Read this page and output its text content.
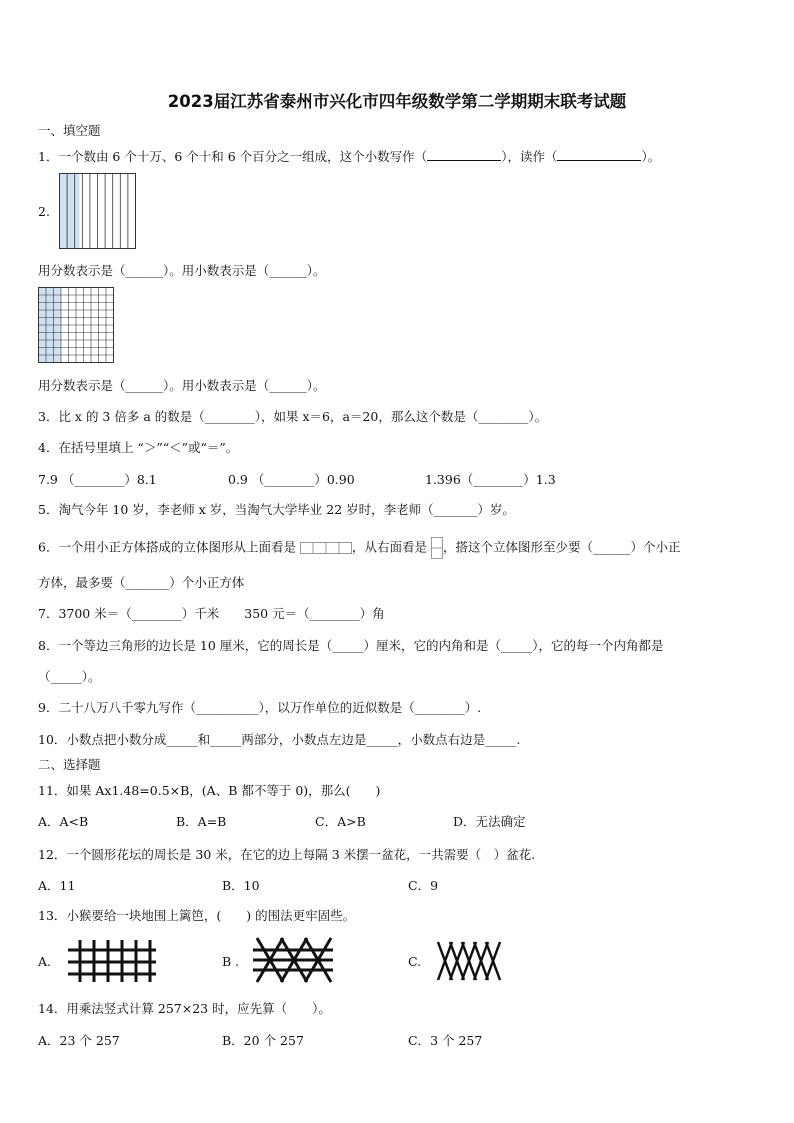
2023届江苏省泰州市兴化市四年级数学第二学期期末联考试题
一、填空题
1．一个数由 6 个十万、6 个十和 6 个百分之一组成，这个小数写作（	），读作（	）。
2.
用分数表示是（______）。用小数表示是（______）。
用分数表示是（______）。用小数表示是（______）。
3．比 x 的 3 倍多 a 的数是（________），如果 x＝6，a＝20，那么这个数是（________）。
4．在括号里填上 “＞”“＜”或“＝”。
7.9 （________）8.1	0.9 （________）0.90	1.396（________）1.3
5．淘气今年 10 岁，李老师 x 岁，当淘气大学毕业 22 岁时，李老师（_______）岁。
6．一个用小正方体搭成的立体图形从上面看是	，从右面看是 ，搭这个立体图形至少要（______）个小正
方体，最多要（_______）个小正方体
7．3700 米＝（________）千米　　350 元＝（________）角
8．一个等边三角形的边长是 10 厘米，它的周长是（_____）厘米，它的内角和是（_____），它的每一个内角都是
（_____）。
9．二十八万八千零九写作（__________），以万作单位的近似数是（________）.
10．小数点把小数分成_____和_____两部分，小数点左边是_____，小数点右边是_____.
二、选择题
11．如果 Ax1.48=0.5×B，(A、B 都不等于 0)，那么(　　)
A．A<B	B．A=B	C．A>B	D．无法确定
12．一个圆形花坛的周长是 30 米，在它的边上每隔 3 米摆一盆花，一共需要（　）盆花.
A．11	B．10	C．9
13．小猴要给一块地围上篱笆，(　　) 的围法更牢固些。
A.	B .	C.
14．用乘法竖式计算 257×23 时，应先算（　　）。
A．23 个 257	B．20 个 257	C．3 个 257
